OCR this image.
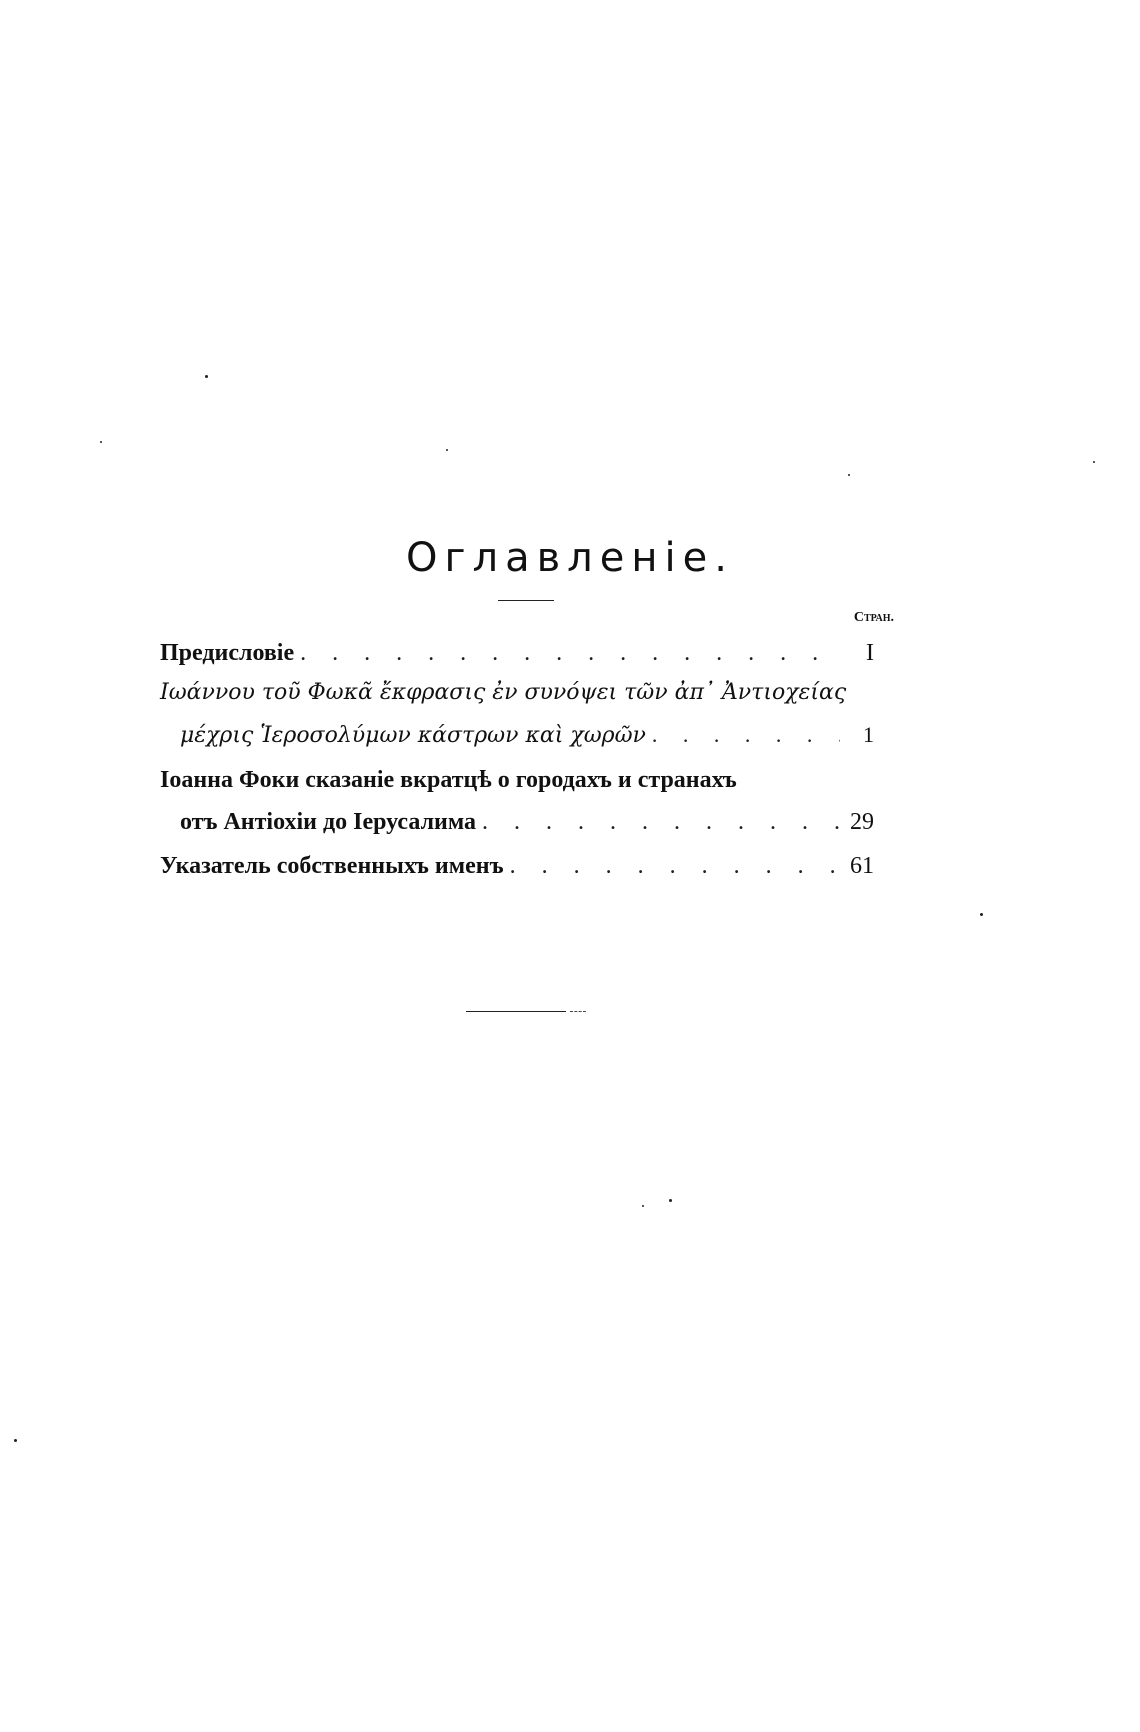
Оглавленіе.
Стран.
Предисловіе . . .	I
Ιωάννου τοῦ Φωκᾶ ἔκφρασις ἐν συνόψει τῶν ἀπ᾽ Ἀντιοχείας
μέχρις Ἱεροσολύμων κάστρων καὶ χωρῶν . . .	1
Іоанна Фоки сказаніе вкратцѣ о городахъ и странахъ
отъ Антіохіи до Іерусалима . . .	29
Указатель собственныхъ именъ . . .	61
